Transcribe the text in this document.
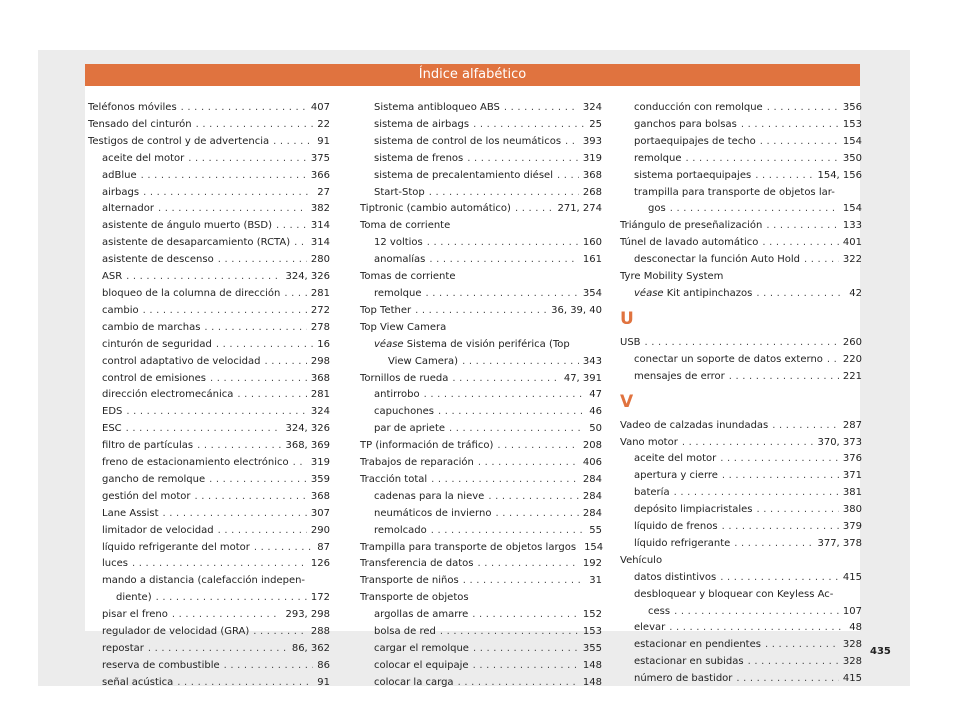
Índice alfabético
Teléfonos móviles . . .	407
Tensado del cinturón . . .	22
Testigos de control y de advertencia . . .	91
aceite del motor . . .	375
adBlue . . .	366
airbags . . .	27
alternador . . .	382
asistente de ángulo muerto (BSD) . . .	314
asistente de desaparcamiento (RCTA) . . . 314
asistente de descenso . . .	280
ASR . . .	324, 326
bloqueo de la columna de dirección . . .	281
cambio . . .	272
cambio de marchas . . .	278
cinturón de seguridad . . .	16
control adaptativo de velocidad . . .	298
control de emisiones . . .	368
dirección electromecánica . . .	281
EDS . . .	324
ESC . . .	324, 326
filtro de partículas . . .	368, 369
freno de estacionamiento electrónico . . . 319
gancho de remolque . . .	359
gestión del motor . . .	368
Lane Assist . . .	307
limitador de velocidad . . .	290
líquido refrigerante del motor . . .	87
luces . . .	126
mando a distancia (calefacción indepen-
diente) . . .	172
pisar el freno . . .	293, 298
regulador de velocidad (GRA) . . .	288
repostar . . .	86, 362
reserva de combustible . . .	86
señal acústica . . .	91
Sistema antibloqueo ABS . . .	324
sistema de airbags . . .	25
sistema de control de los neumáticos . . . 393
sistema de frenos . . .	319
sistema de precalentamiento diésel . . .	368
Start-Stop . . .	268
Tiptronic (cambio automático) . . .	271, 274
Toma de corriente
12 voltios . . .	160
anomalías . . .	161
Tomas de corriente
remolque . . .	354
Top Tether . . .	36, 39, 40
Top View Camera
véase Sistema de visión periférica (Top
View Camera) . . .	343
Tornillos de rueda . . .	47, 391
antirrobo . . .	47
capuchones . . .	46
par de apriete . . .	50
TP (información de tráfico) . . .	208
Trabajos de reparación . . .	406
Tracción total . . .	284
cadenas para la nieve . . .	284
neumáticos de invierno . . .	284
remolcado . . .	55
Trampilla para transporte de objetos largos 154
Transferencia de datos . . .	192
Transporte de niños . . .	31
Transporte de objetos
argollas de amarre . . .	152
bolsa de red . . .	153
cargar el remolque . . .	355
colocar el equipaje . . .	148
colocar la carga . . .	148
conducción con remolque . . .	356
ganchos para bolsas . . .	153
portaequipajes de techo . . .	154
remolque . . .	350
sistema portaequipajes . . .	154, 156
trampilla para transporte de objetos lar-
gos . . .	154
Triángulo de preseñalización . . .	133
Túnel de lavado automático . . .	401
desconectar la función Auto Hold . . .	322
Tyre Mobility System
véase Kit antipinchazos . . .	42
U
USB . . .	260
conectar un soporte de datos externo . . . 220
mensajes de error . . .	221
V
Vadeo de calzadas inundadas . . .	287
Vano motor . . .	370, 373
aceite del motor . . .	376
apertura y cierre . . .	371
batería . . .	381
depósito limpiacristales . . .	380
líquido de frenos . . .	379
líquido refrigerante . . .	377, 378
Vehículo
datos distintivos . . .	415
desbloquear y bloquear con Keyless Ac-
cess . . .	107
elevar . . .	48
estacionar en pendientes . . .	328
estacionar en subidas . . .	328
número de bastidor . . .	415
435
